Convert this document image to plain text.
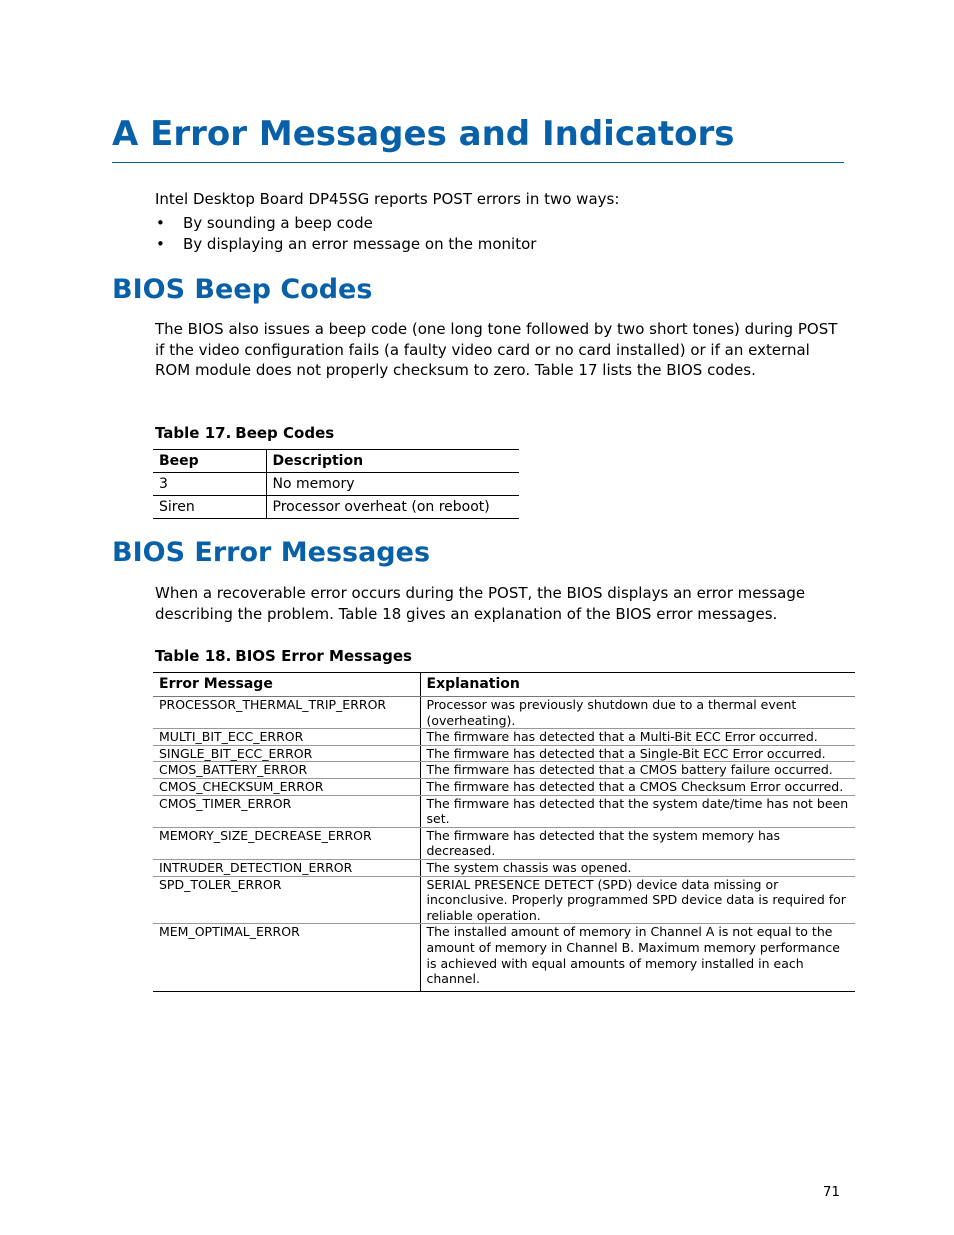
A Error Messages and Indicators

Intel Desktop Board DP45SG reports POST errors in two ways:

• By sounding a beep code
• By displaying an error message on the monitor
BIOS Beep Codes

The BIOS also issues a beep code (one long tone followed by two short tones) during POST if the video configuration fails (a faulty video card or no card installed) or if an external ROM module does not properly checksum to zero. Table 17 lists the BIOS codes.

Table 17. Beep Codes

Beep	Description
3	No memory
Siren	Processor overheat (on reboot)
BIOS Error Messages

When a recoverable error occurs during the POST, the BIOS displays an error message describing the problem. Table 18 gives an explanation of the BIOS error messages.

Table 18. BIOS Error Messages

Error Message	Explanation
PROCESSOR_THERMAL_TRIP_ERROR	Processor was previously shutdown due to a thermal event (overheating).
MULTI_BIT_ECC_ERROR	The firmware has detected that a Multi-Bit ECC Error occurred.
SINGLE_BIT_ECC_ERROR	The firmware has detected that a Single-Bit ECC Error occurred.
CMOS_BATTERY_ERROR	The firmware has detected that a CMOS battery failure occurred.
CMOS_CHECKSUM_ERROR	The firmware has detected that a CMOS Checksum Error occurred.
CMOS_TIMER_ERROR	The firmware has detected that the system date/time has not been set.
MEMORY_SIZE_DECREASE_ERROR	The firmware has detected that the system memory has decreased.
INTRUDER_DETECTION_ERROR	The system chassis was opened.
SPD_TOLER_ERROR	SERIAL PRESENCE DETECT (SPD) device data missing or inconclusive. Properly programmed SPD device data is required for reliable operation.
MEM_OPTIMAL_ERROR	The installed amount of memory in Channel A is not equal to the amount of memory in Channel B. Maximum memory performance is achieved with equal amounts of memory installed in each channel.
71
